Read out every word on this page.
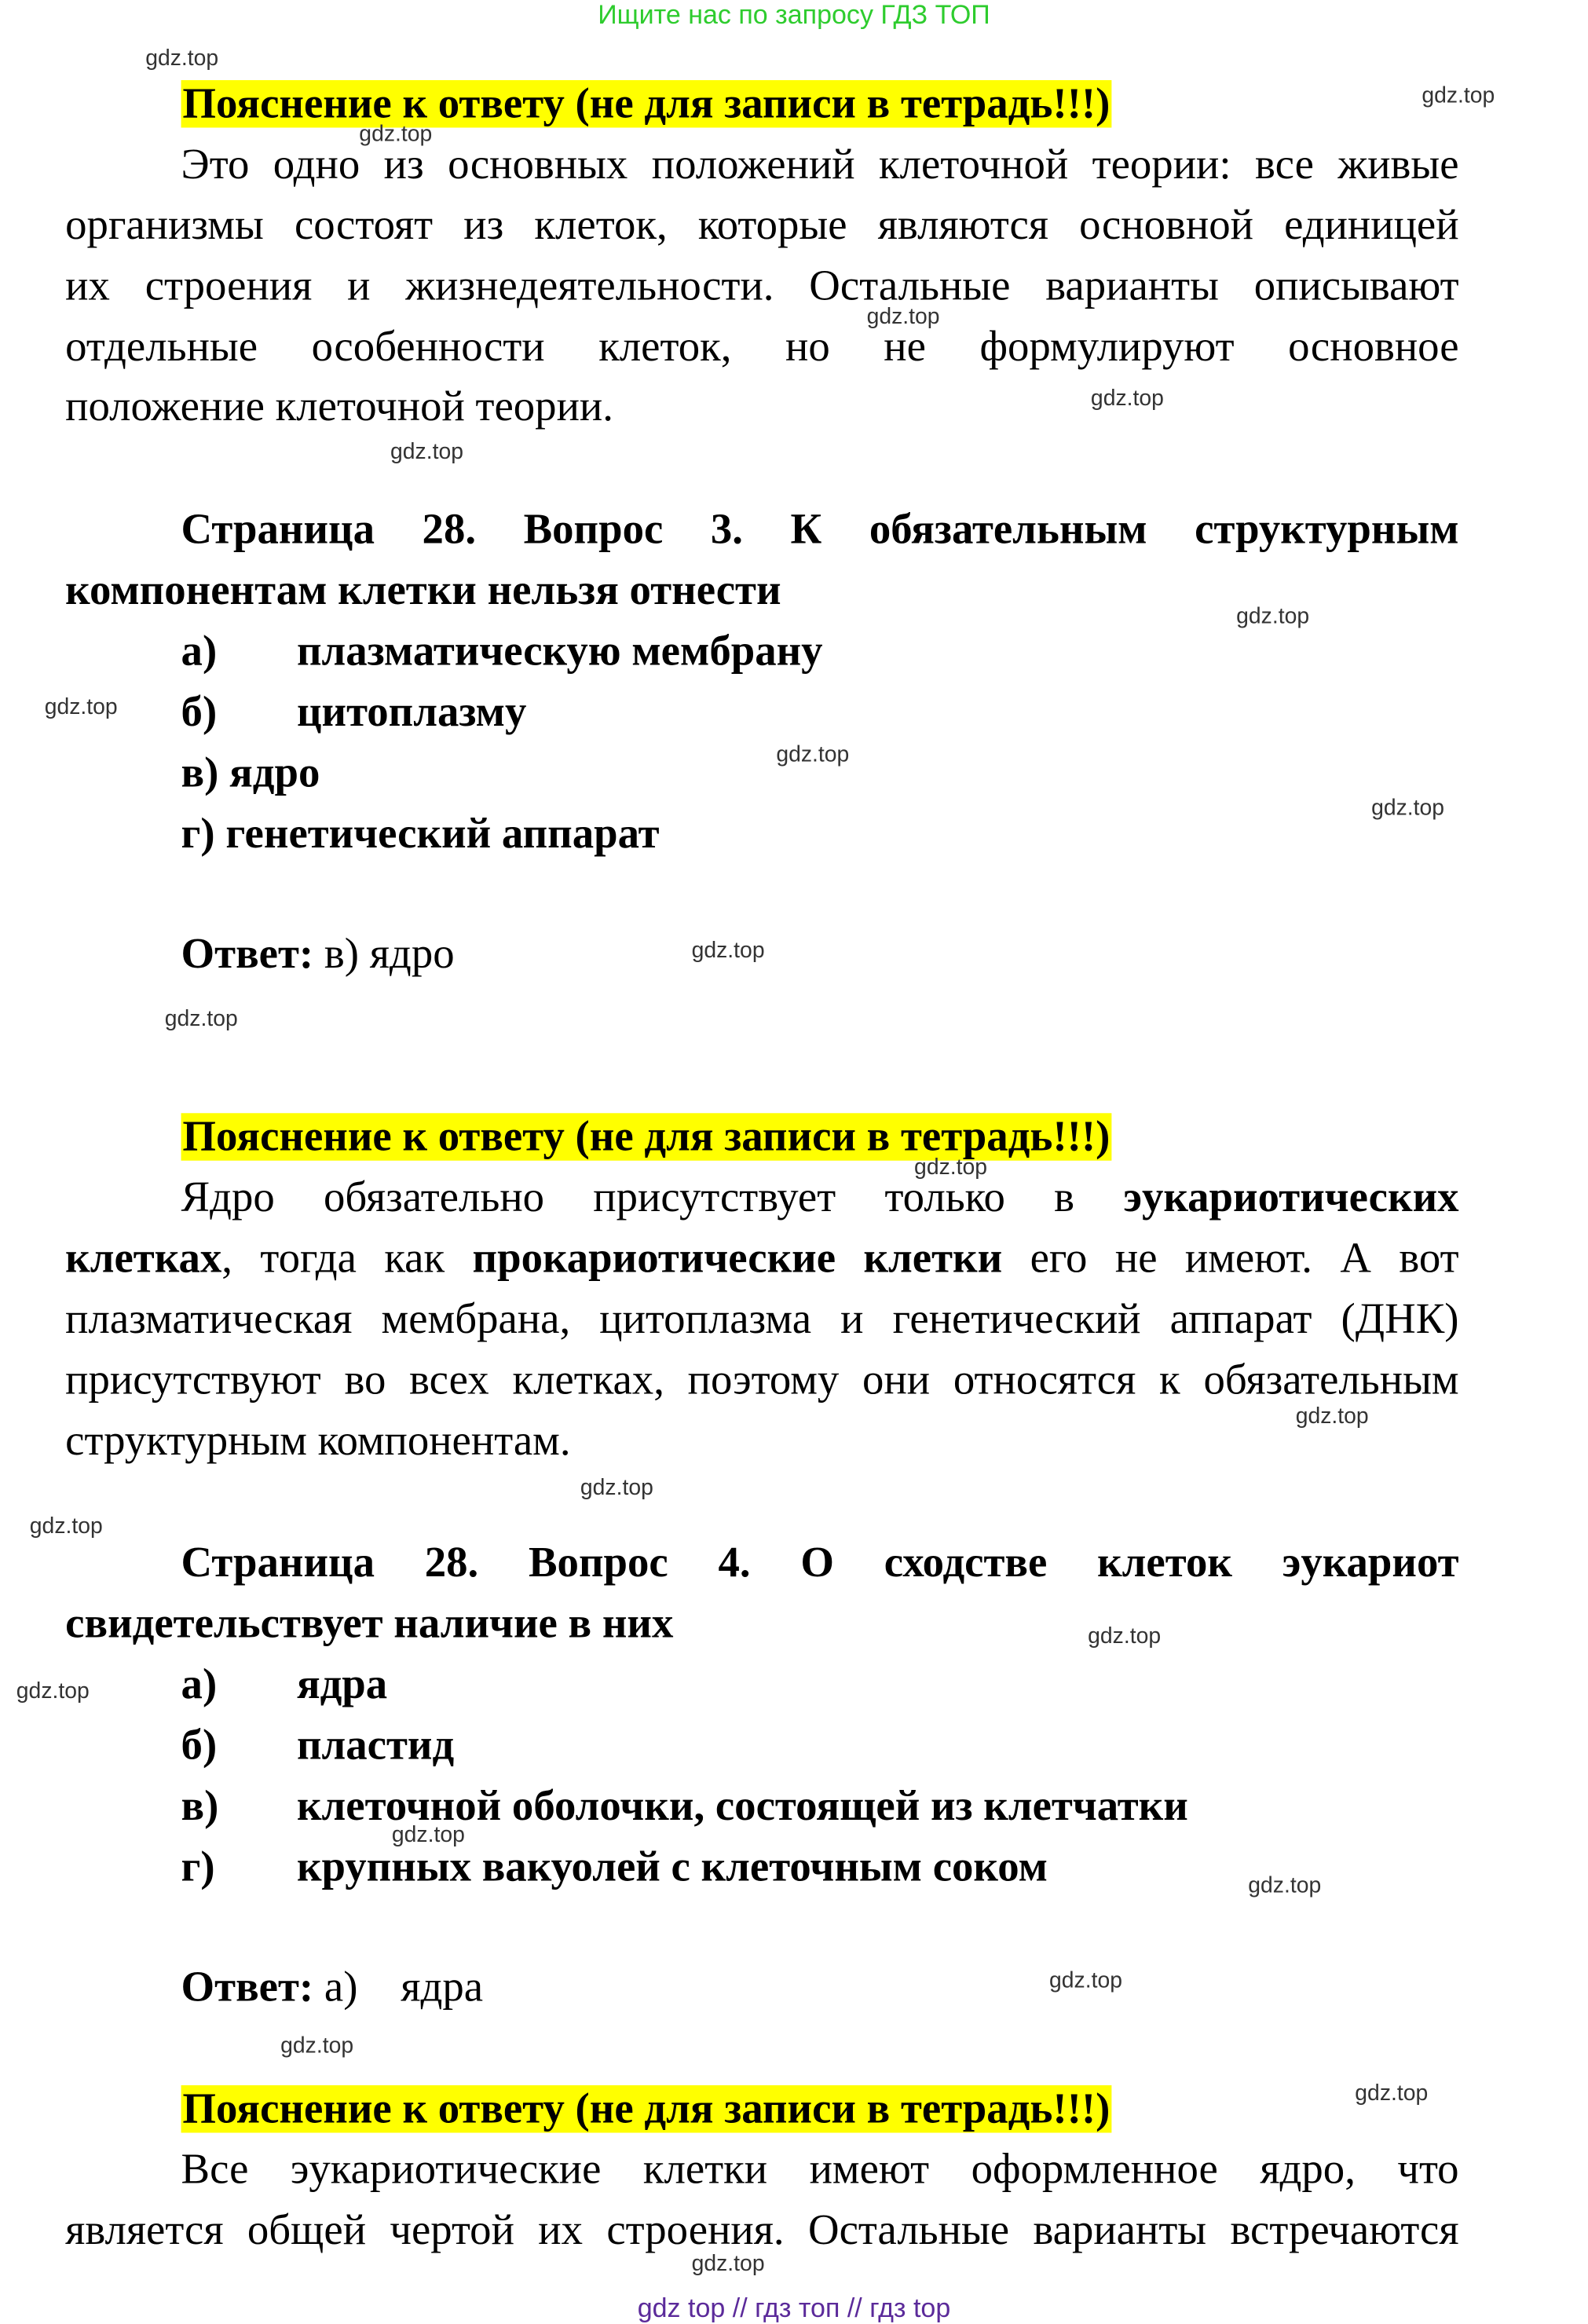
Ищите нас по запросу ГДЗ ТОП
Пояснение к ответу (не для записи в тетрадь!!!)
Это одно из основных положений клеточной теории: все живые
организмы состоят из клеток, которые являются основной единицей
их строения и жизнедеятельности. Остальные варианты описывают
отдельные особенности клеток, но не формулируют основное
положение клеточной теории.
Страница 28. Вопрос 3. К обязательным структурным
компонентам клетки нельзя отнести
а)	плазматическую мембрану
б)	цитоплазму
в) ядро
г) генетический аппарат
Ответ: в) ядро
Пояснение к ответу (не для записи в тетрадь!!!)
Ядро обязательно присутствует только в эукариотических
клетках, тогда как прокариотические клетки его не имеют. А вот
плазматическая мембрана, цитоплазма и генетический аппарат (ДНК)
присутствуют во всех клетках, поэтому они относятся к обязательным
структурным компонентам.
Страница 28. Вопрос 4. О сходстве клеток эукариот
свидетельствует наличие в них
а)	ядра
б)	пластид
в)	клеточной оболочки, состоящей из клетчатки
г)	крупных вакуолей с клеточным соком
Ответ: а)    ядра
Пояснение к ответу (не для записи в тетрадь!!!)
Все эукариотические клетки имеют оформленное ядро, что
является общей чертой их строения. Остальные варианты встречаются
gdz.top
gdz.top
gdz.top
gdz.top
gdz.top
gdz.top
gdz.top
gdz.top
gdz.top
gdz.top
gdz.top
gdz.top
gdz.top
gdz.top
gdz.top
gdz.top
gdz.top
gdz.top
gdz.top
gdz.top
gdz.top
gdz.top
gdz.top
gdz.top
gdz top // гдз топ // гдз top
